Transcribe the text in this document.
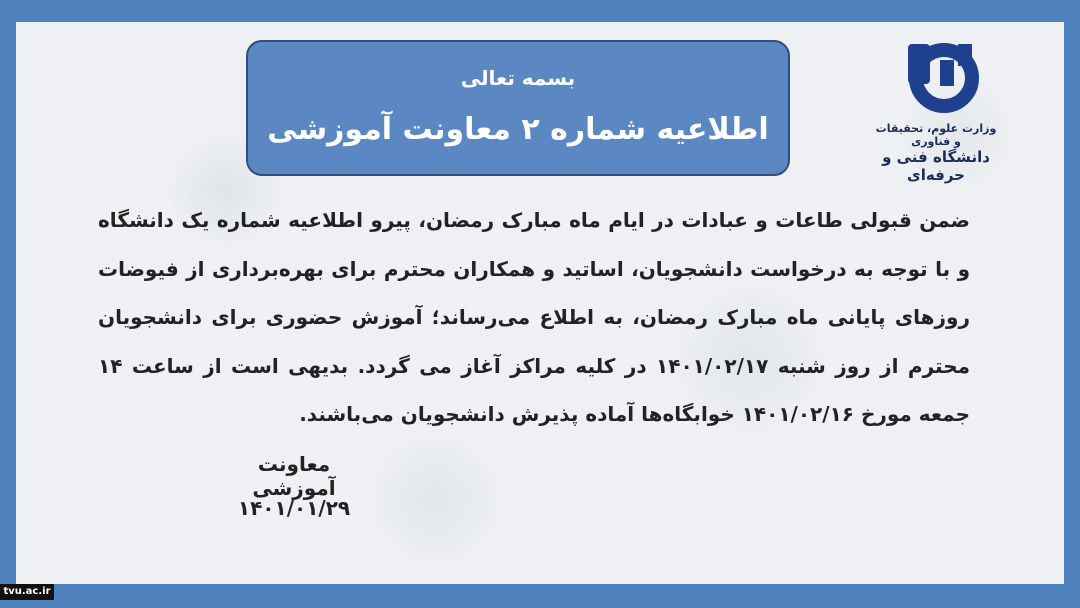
بسمه تعالی
اطلاعیه شماره ۲ معاونت آموزشی	وزارت علوم، تحقیقات و فناوری
دانشگاه فنی و حرفه‌ای
ضمن قبولی طاعات و عبادات در ایام ماه مبارک رمضان، پیرو اطلاعیه شماره یک دانشگاه و با توجه به درخواست دانشجویان، اساتید و همکاران محترم برای بهره‌برداری از فیوضات روزهای پایانی ماه مبارک رمضان، به اطلاع می‌رساند؛ آموزش حضوری برای دانشجویان محترم از روز شنبه ۱۴۰۱/۰۲/۱۷ در کلیه مراکز آغاز می گردد. بدیهی است از ساعت ۱۴ جمعه مورخ ۱۴۰۱/۰۲/۱۶ خوابگاه‌ها آماده پذیرش دانشجویان می‌باشند.
معاونت آموزشی
۱۴۰۱/۰۱/۲۹
tvu.ac.ir
